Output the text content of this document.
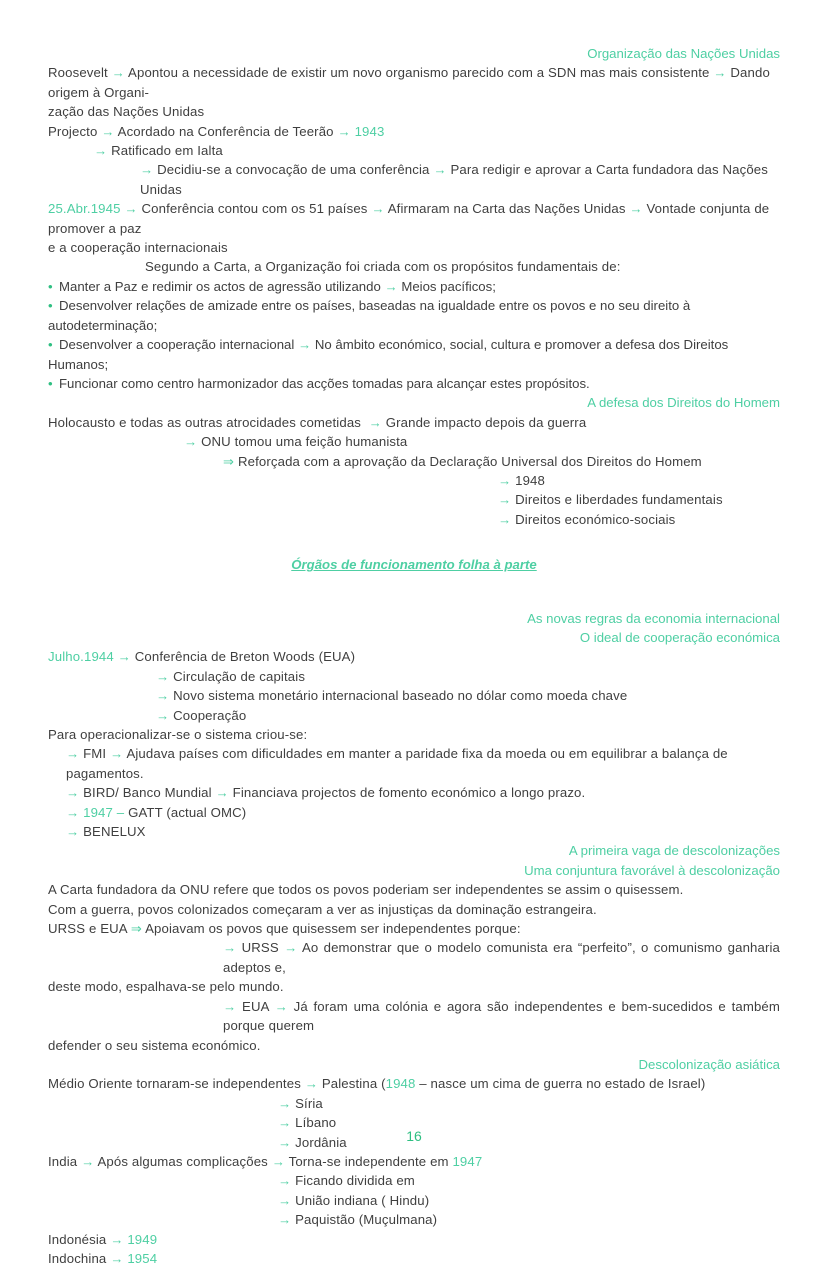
Organização das Nações Unidas
Roosevelt → Apontou a necessidade de existir um novo organismo parecido com a SDN mas mais consistente → Dando origem à Organi-
zação das Nações Unidas
Projecto → Acordado na Conferência de Teerão → 1943
→ Ratificado em Ialta
→ Decidiu-se a convocação de uma conferência → Para redigir e aprovar a Carta fundadora das Nações Unidas
25.Abr.1945 → Conferência contou com os 51 países → Afirmaram na Carta das Nações Unidas → Vontade conjunta de promover a paz
e a cooperação internacionais
Segundo a Carta, a Organização foi criada com os propósitos fundamentais de:
• Manter a Paz e redimir os actos de agressão utilizando → Meios pacíficos;
• Desenvolver relações de amizade entre os países, baseadas na igualdade entre os povos e no seu direito à autodeterminação;
• Desenvolver a cooperação internacional → No âmbito económico, social, cultura e promover a defesa dos Direitos Humanos;
• Funcionar como centro harmonizador das acções tomadas para alcançar estes propósitos.
A defesa dos Direitos do Homem
Holocausto e todas as outras atrocidades cometidas → Grande impacto depois da guerra
→ ONU tomou uma feição humanista
⇒ Reforçada com a aprovação da Declaração Universal dos Direitos do Homem
→ 1948
→ Direitos e liberdades fundamentais
→ Direitos económico-sociais
Órgãos de funcionamento folha à parte
As novas regras da economia internacional
O ideal de cooperação económica
Julho.1944 → Conferência de Breton Woods (EUA)
→ Circulação de capitais
→ Novo sistema monetário internacional baseado no dólar como moeda chave
→ Cooperação
Para operacionalizar-se o sistema criou-se:
→ FMI → Ajudava países com dificuldades em manter a paridade fixa da moeda ou em equilibrar a balança de pagamentos.
→ BIRD/ Banco Mundial → Financiava projectos de fomento económico a longo prazo.
→ 1947 – GATT (actual OMC)
→ BENELUX
A primeira vaga de descolonizações
Uma conjuntura favorável à descolonização
A Carta fundadora da ONU refere que todos os povos poderiam ser independentes se assim o quisessem.
Com a guerra, povos colonizados começaram a ver as injustiças da dominação estrangeira.
URSS e EUA ⇒ Apoiavam os povos que quisessem ser independentes porque:
→ URSS → Ao demonstrar que o modelo comunista era “perfeito”, o comunismo ganharia adeptos e,
deste modo, espalhava-se pelo mundo.
→ EUA → Já foram uma colónia e agora são independentes e bem-sucedidos e também porque querem
defender o seu sistema económico.
Descolonização asiática
Médio Oriente tornaram-se independentes → Palestina (1948 – nasce um cima de guerra no estado de Israel)
→ Síria
→ Líbano
→ Jordânia
India → Após algumas complicações → Torna-se independente em 1947
→ Ficando dividida em
→ União indiana ( Hindu)
→ Paquistão (Muçulmana)
Indonésia → 1949
Indochina → 1954
16
